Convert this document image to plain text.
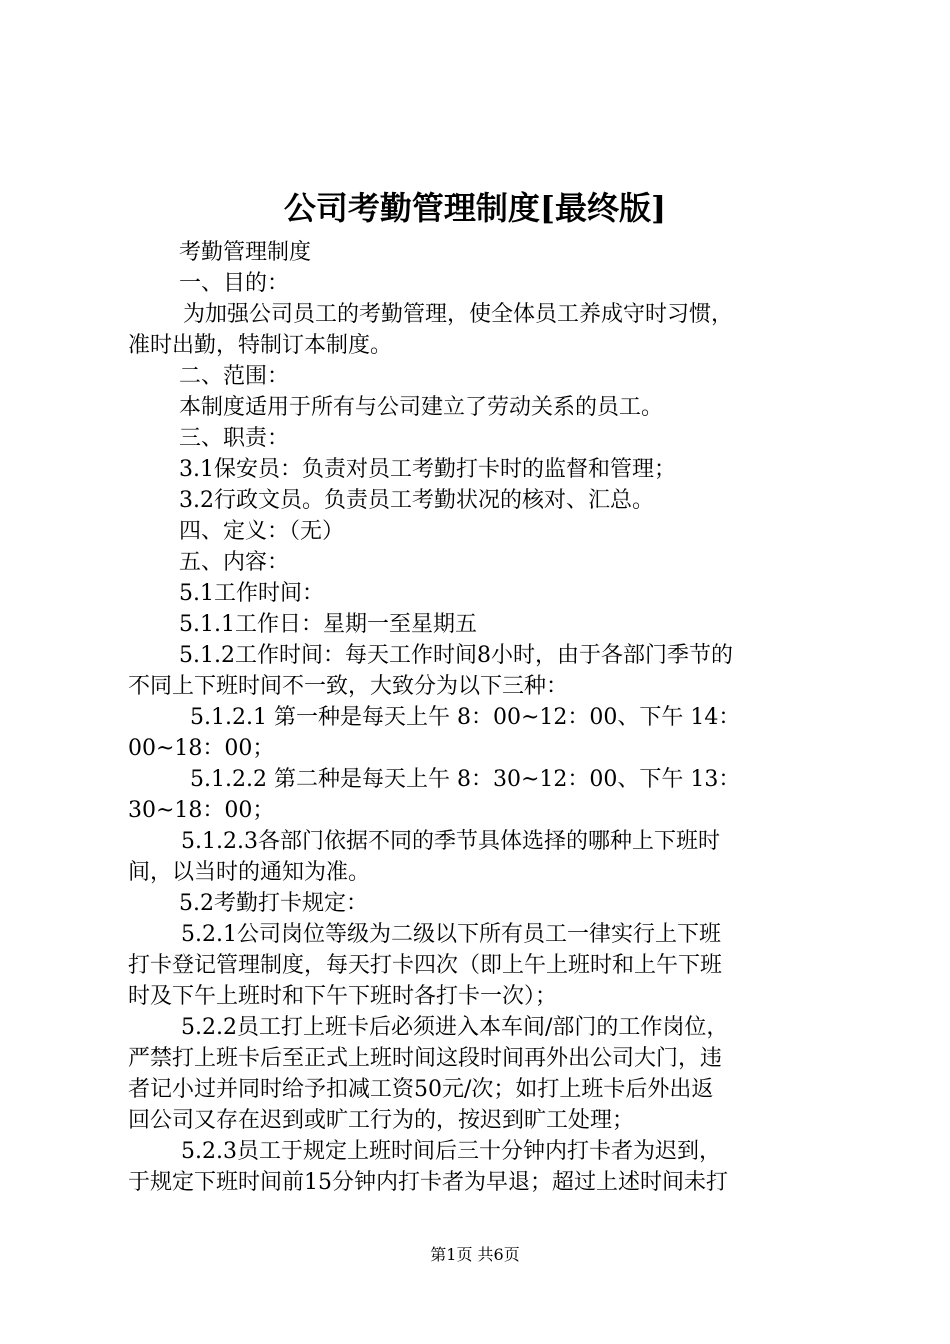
公司考勤管理制度[最终版]
考勤管理制度
一、目的：
为加强公司员工的考勤管理，使全体员工养成守时习惯，
准时出勤，特制订本制度。
二、范围：
本制度适用于所有与公司建立了劳动关系的员工。
三、职责：
3.1保安员：负责对员工考勤打卡时的监督和管理；
3.2行政文员。负责员工考勤状况的核对、汇总。
四、定义：（无）
五、内容：
5.1工作时间：
5.1.1工作日：星期一至星期五
5.1.2工作时间：每天工作时间8小时，由于各部门季节的
不同上下班时间不一致，大致分为以下三种：
5.1.2.1 第一种是每天上午 8：00~12：00、下午 14：
00~18：00；
5.1.2.2 第二种是每天上午 8：30~12：00、下午 13：
30~18：00；
5.1.2.3各部门依据不同的季节具体选择的哪种上下班时
间，以当时的通知为准。
5.2考勤打卡规定：
5.2.1公司岗位等级为二级以下所有员工一律实行上下班
打卡登记管理制度，每天打卡四次（即上午上班时和上午下班
时及下午上班时和下午下班时各打卡一次）；
5.2.2员工打上班卡后必须进入本车间/部门的工作岗位，
严禁打上班卡后至正式上班时间这段时间再外出公司大门，违
者记小过并同时给予扣减工资50元/次；如打上班卡后外出返
回公司又存在迟到或旷工行为的，按迟到旷工处理；
5.2.3员工于规定上班时间后三十分钟内打卡者为迟到，
于规定下班时间前15分钟内打卡者为早退；超过上述时间未打
第1页 共6页
